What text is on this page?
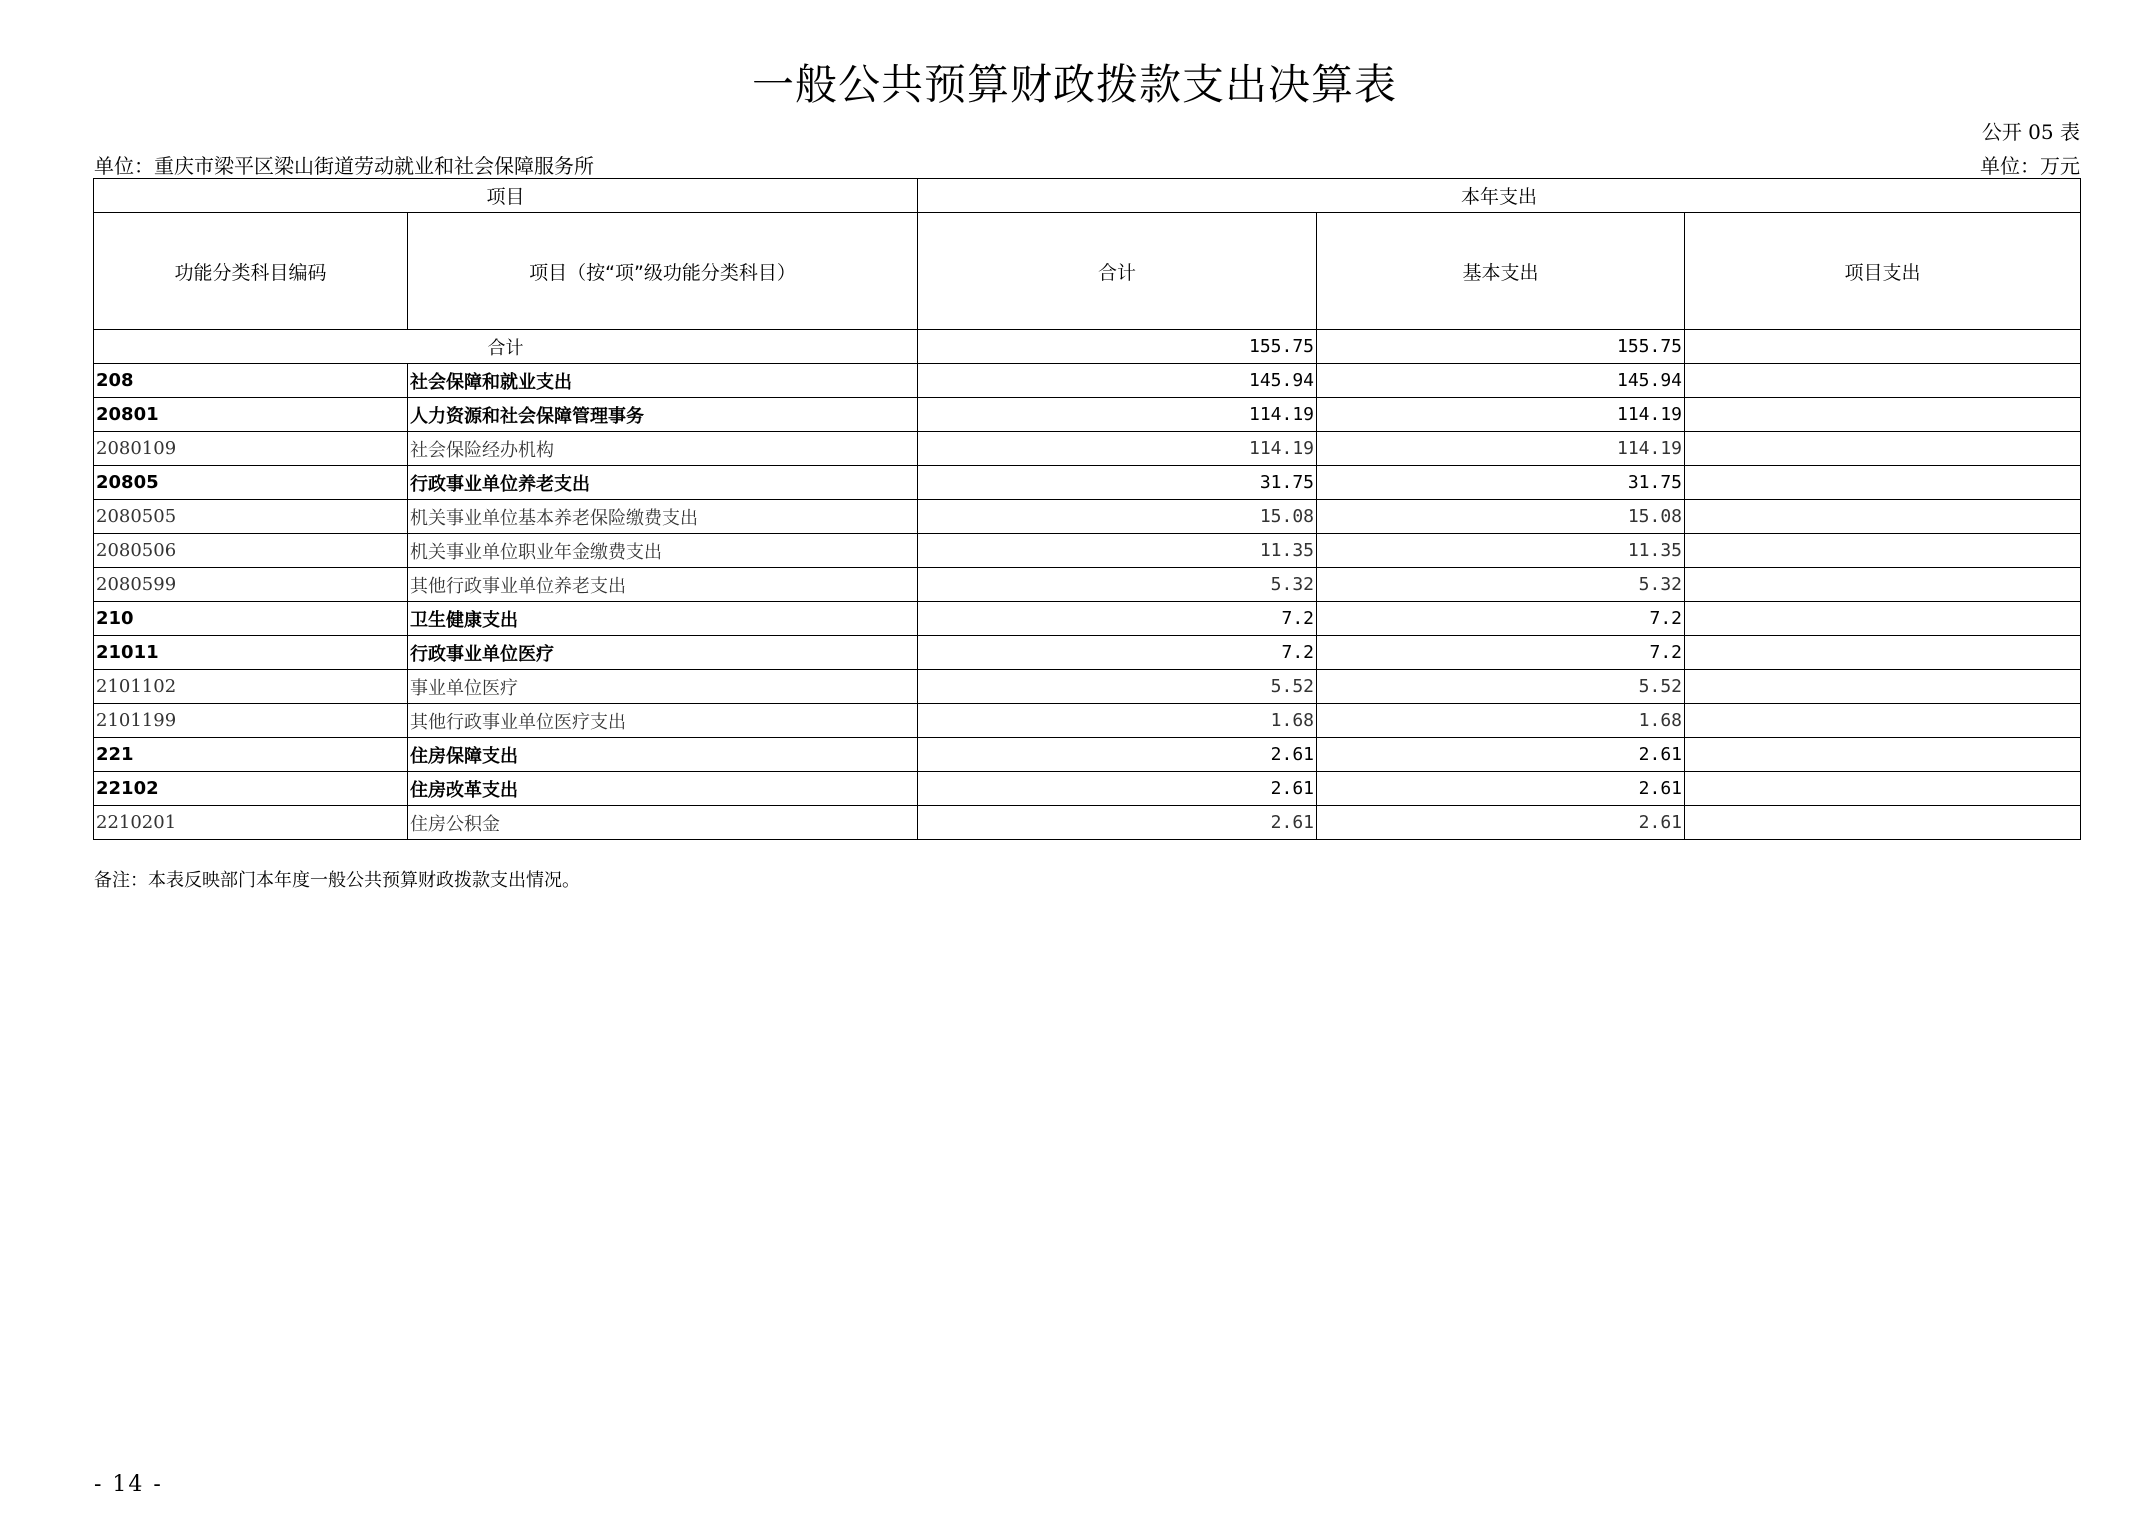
一般公共预算财政拨款支出决算表
公开 05 表
单位：重庆市梁平区梁山街道劳动就业和社会保障服务所	单位：万元
项目		本年支出		
功能分类科目编码	项目（按“项”级功能分类科目）	合计	基本支出	项目支出
合计		155.75	155.75	
208	社会保障和就业支出	145.94	145.94	
20801	人力资源和社会保障管理事务	114.19	114.19	
2080109	社会保险经办机构	114.19	114.19	
20805	行政事业单位养老支出	31.75	31.75	
2080505	机关事业单位基本养老保险缴费支出	15.08	15.08	
2080506	机关事业单位职业年金缴费支出	11.35	11.35	
2080599	其他行政事业单位养老支出	5.32	5.32	
210	卫生健康支出	7.2	7.2	
21011	行政事业单位医疗	7.2	7.2	
2101102	事业单位医疗	5.52	5.52	
2101199	其他行政事业单位医疗支出	1.68	1.68	
221	住房保障支出	2.61	2.61	
22102	住房改革支出	2.61	2.61	
2210201	住房公积金	2.61	2.61	
备注：本表反映部门本年度一般公共预算财政拨款支出情况。
- 14 -
